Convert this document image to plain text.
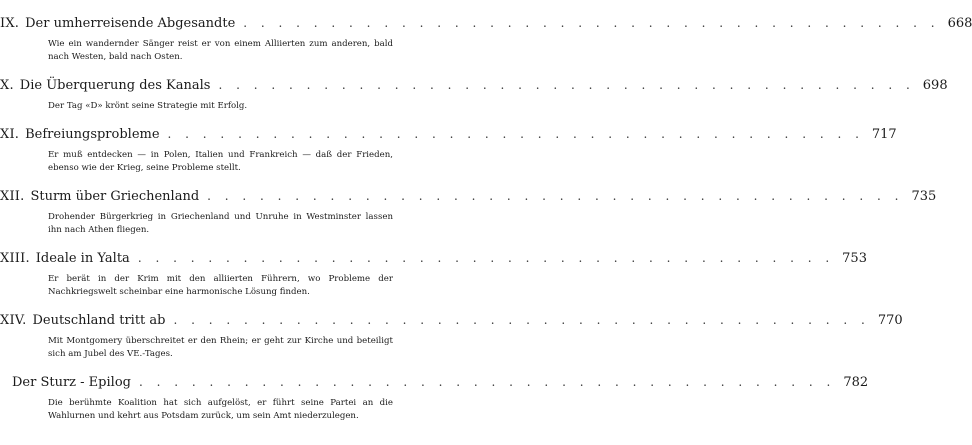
IX. Der umherreisende Abgesandte . . . . . . . . . . . . . . . . . . . . . . . . . . . . . . . . . . . . . . . . 668
Wie ein wandernder Sänger reist er von einem Alliierten zum anderen, bald nach Westen, bald nach Osten.
X. Die Überquerung des Kanals . . . . . . . . . . . . . . . . . . . . . . . . . . . . . . . . . . . . . . . . 698
Der Tag «D» krönt seine Strategie mit Erfolg.
XI. Befreiungsprobleme . . . . . . . . . . . . . . . . . . . . . . . . . . . . . . . . . . . . . . . . 717
Er muß entdecken — in Polen, Italien und Frankreich — daß der Frieden, ebenso wie der Krieg, seine Probleme stellt.
XII. Sturm über Griechenland . . . . . . . . . . . . . . . . . . . . . . . . . . . . . . . . . . . . . . . . 735
Drohender Bürgerkrieg in Griechenland und Unruhe in Westminster lassen ihn nach Athen fliegen.
XIII. Ideale in Yalta . . . . . . . . . . . . . . . . . . . . . . . . . . . . . . . . . . . . . . . . 753
Er berät in der Krim mit den alliierten Führern, wo Probleme der Nachkriegswelt scheinbar eine harmonische Lösung finden.
XIV. Deutschland tritt ab . . . . . . . . . . . . . . . . . . . . . . . . . . . . . . . . . . . . . . . . 770
Mit Montgomery überschreitet er den Rhein; er geht zur Kirche und beteiligt sich am Jubel des VE.-Tages.
Der Sturz - Epilog . . . . . . . . . . . . . . . . . . . . . . . . . . . . . . . . . . . . . . . . 782
Die berühmte Koalition hat sich aufgelöst, er führt seine Partei an die Wahlurnen und kehrt aus Potsdam zurück, um sein Amt niederzulegen.
